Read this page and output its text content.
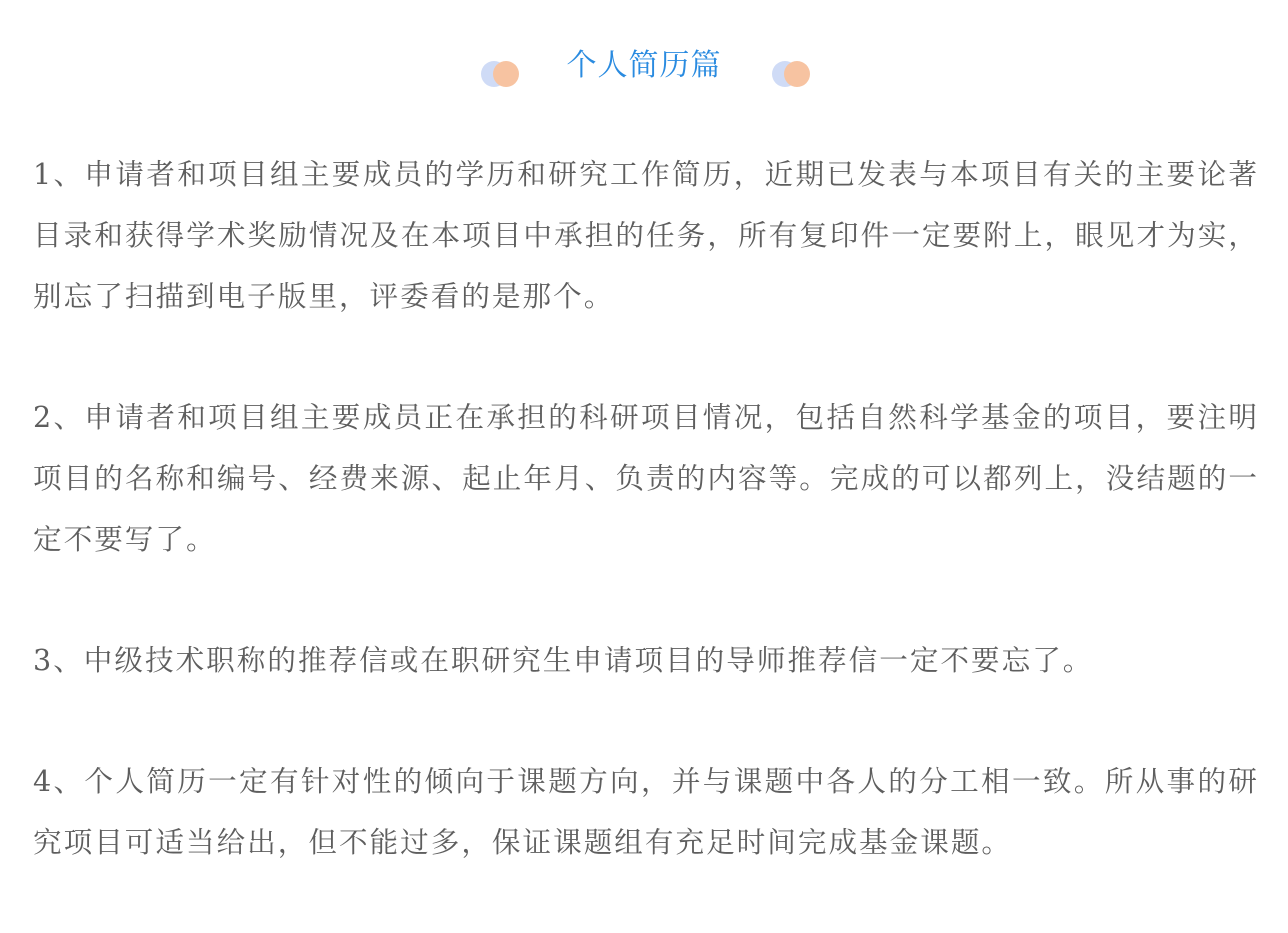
个人简历篇

1、申请者和项目组主要成员的学历和研究工作简历，近期已发表与本项目有关的主要论著目录和获得学术奖励情况及在本项目中承担的任务，所有复印件一定要附上，眼见才为实，别忘了扫描到电子版里，评委看的是那个。

2、申请者和项目组主要成员正在承担的科研项目情况，包括自然科学基金的项目，要注明项目的名称和编号、经费来源、起止年月、负责的内容等。完成的可以都列上，没结题的一定不要写了。

3、中级技术职称的推荐信或在职研究生申请项目的导师推荐信一定不要忘了。

4、个人简历一定有针对性的倾向于课题方向，并与课题中各人的分工相一致。所从事的研究项目可适当给出，但不能过多，保证课题组有充足时间完成基金课题。
